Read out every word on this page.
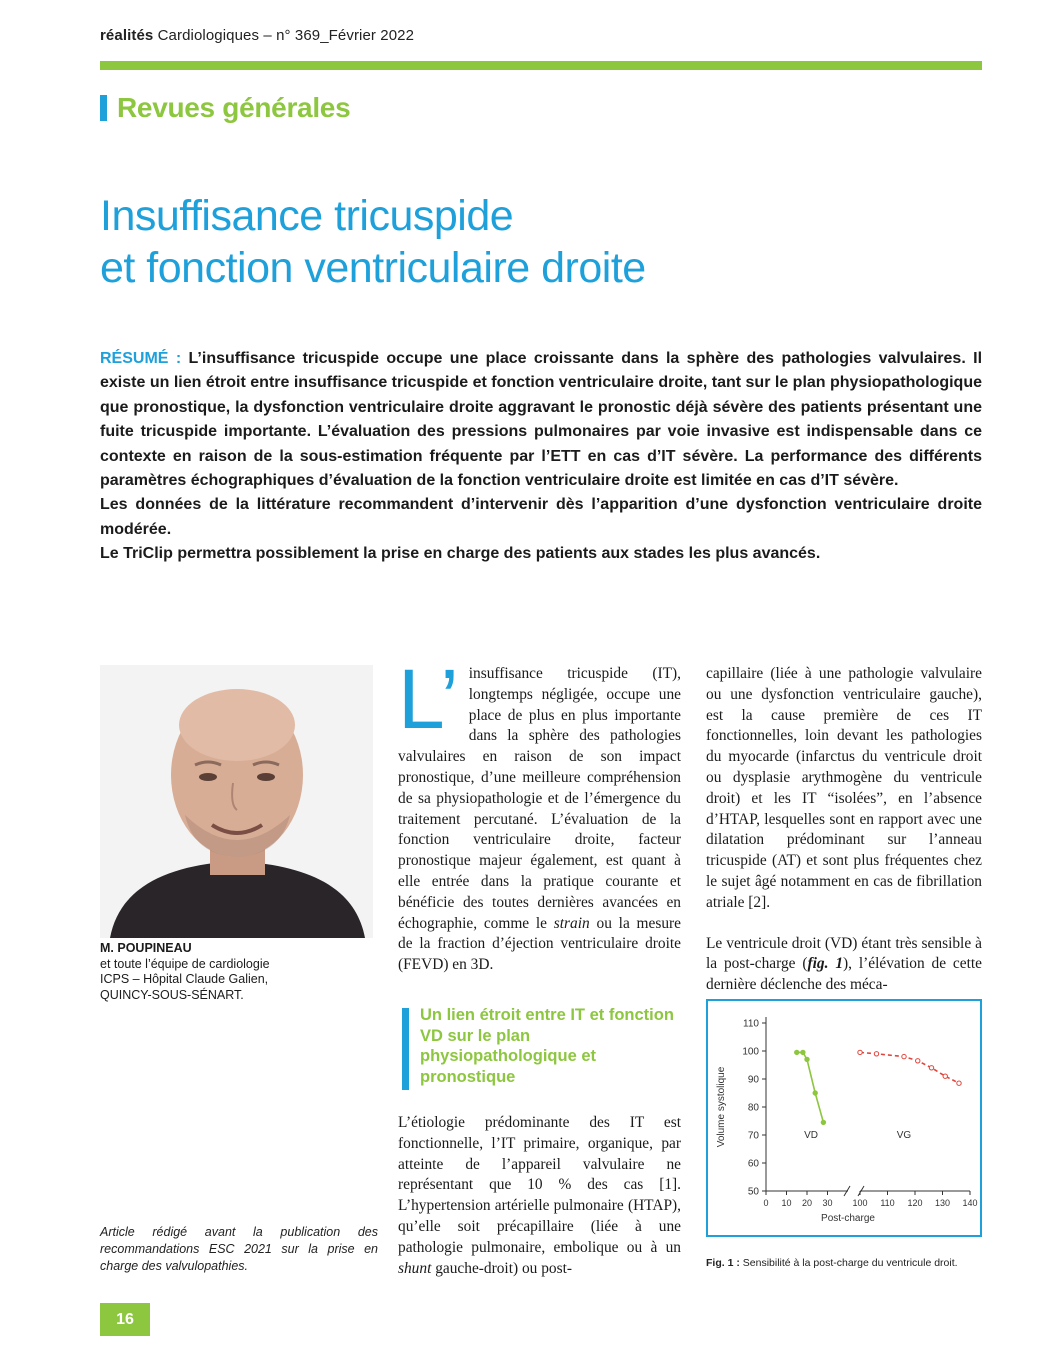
réalités Cardiologiques – n° 369_Février 2022
Revues générales
Insuffisance tricuspide
et fonction ventriculaire droite

RÉSUMÉ : L’insuffisance tricuspide occupe une place croissante dans la sphère des pathologies valvulaires. Il existe un lien étroit entre insuffisance tricuspide et fonction ventriculaire droite, tant sur le plan physiopathologique que pronostique, la dysfonction ventriculaire droite aggravant le pronostic déjà sévère des patients présentant une fuite tricuspide importante. L’évaluation des pressions pulmonaires par voie invasive est indispensable dans ce contexte en raison de la sous-estimation fréquente par l’ETT en cas d’IT sévère. La performance des différents paramètres échographiques d’évaluation de la fonction ventriculaire droite est limitée en cas d’IT sévère.

Les données de la littérature recommandent d’intervenir dès l’apparition d’une dysfonction ventriculaire droite modérée.

Le TriClip permettra possiblement la prise en charge des patients aux stades les plus avancés.

M. POUPINEAU
et toute l’équipe de cardiologie
ICPS – Hôpital Claude Galien,
QUINCY-SOUS-SÉNART.
Article rédigé avant la publication des recommandations ESC 2021 sur la prise en charge des valvulopathies.

L’ insuffisance tricuspide (IT), longtemps négligée, occupe une place de plus en plus importante dans la sphère des pathologies valvulaires en raison de son impact pronostique, d’une meilleure compréhension de sa physiopathologie et de l’émergence du traitement percutané. L’évaluation de la fonction ventriculaire droite, facteur pronostique majeur également, est quant à elle entrée dans la pratique courante et bénéficie des toutes dernières avancées en échographie, comme le strain ou la mesure de la fraction d’éjection ventriculaire droite (FEVD) en 3D.

Un lien étroit entre IT et fonction VD sur le plan physiopathologique et pronostique

L’étiologie prédominante des IT est fonctionnelle, l’IT primaire, organique, par atteinte de l’appareil valvulaire ne représentant que 10 % des cas [1]. L’hypertension artérielle pulmonaire (HTAP), qu’elle soit précapillaire (liée à une pathologie pulmonaire, embolique ou à un shunt gauche-droit) ou post-

capillaire (liée à une pathologie valvulaire ou une dysfonction ventriculaire gauche), est la cause première de ces IT fonctionnelles, loin devant les pathologies du myocarde (infarctus du ventricule droit ou dysplasie arythmogène du ventricule droit) et les IT “isolées”, en l’absence d’HTAP, lesquelles sont en rapport avec une dilatation prédominant sur l’anneau tricuspide (AT) et sont plus fréquentes chez le sujet âgé notamment en cas de fibrillation atriale [2].

Le ventricule droit (VD) étant très sensible à la post-charge (fig. 1), l’élévation de cette dernière déclenche des méca-

110
100
90
80
70
60
50
0 10 20 30 100 110 120 130 140
Post-charge
Volume systolique	VD	VG
Fig. 1 : Sensibilité à la post-charge du ventricule droit.
16
